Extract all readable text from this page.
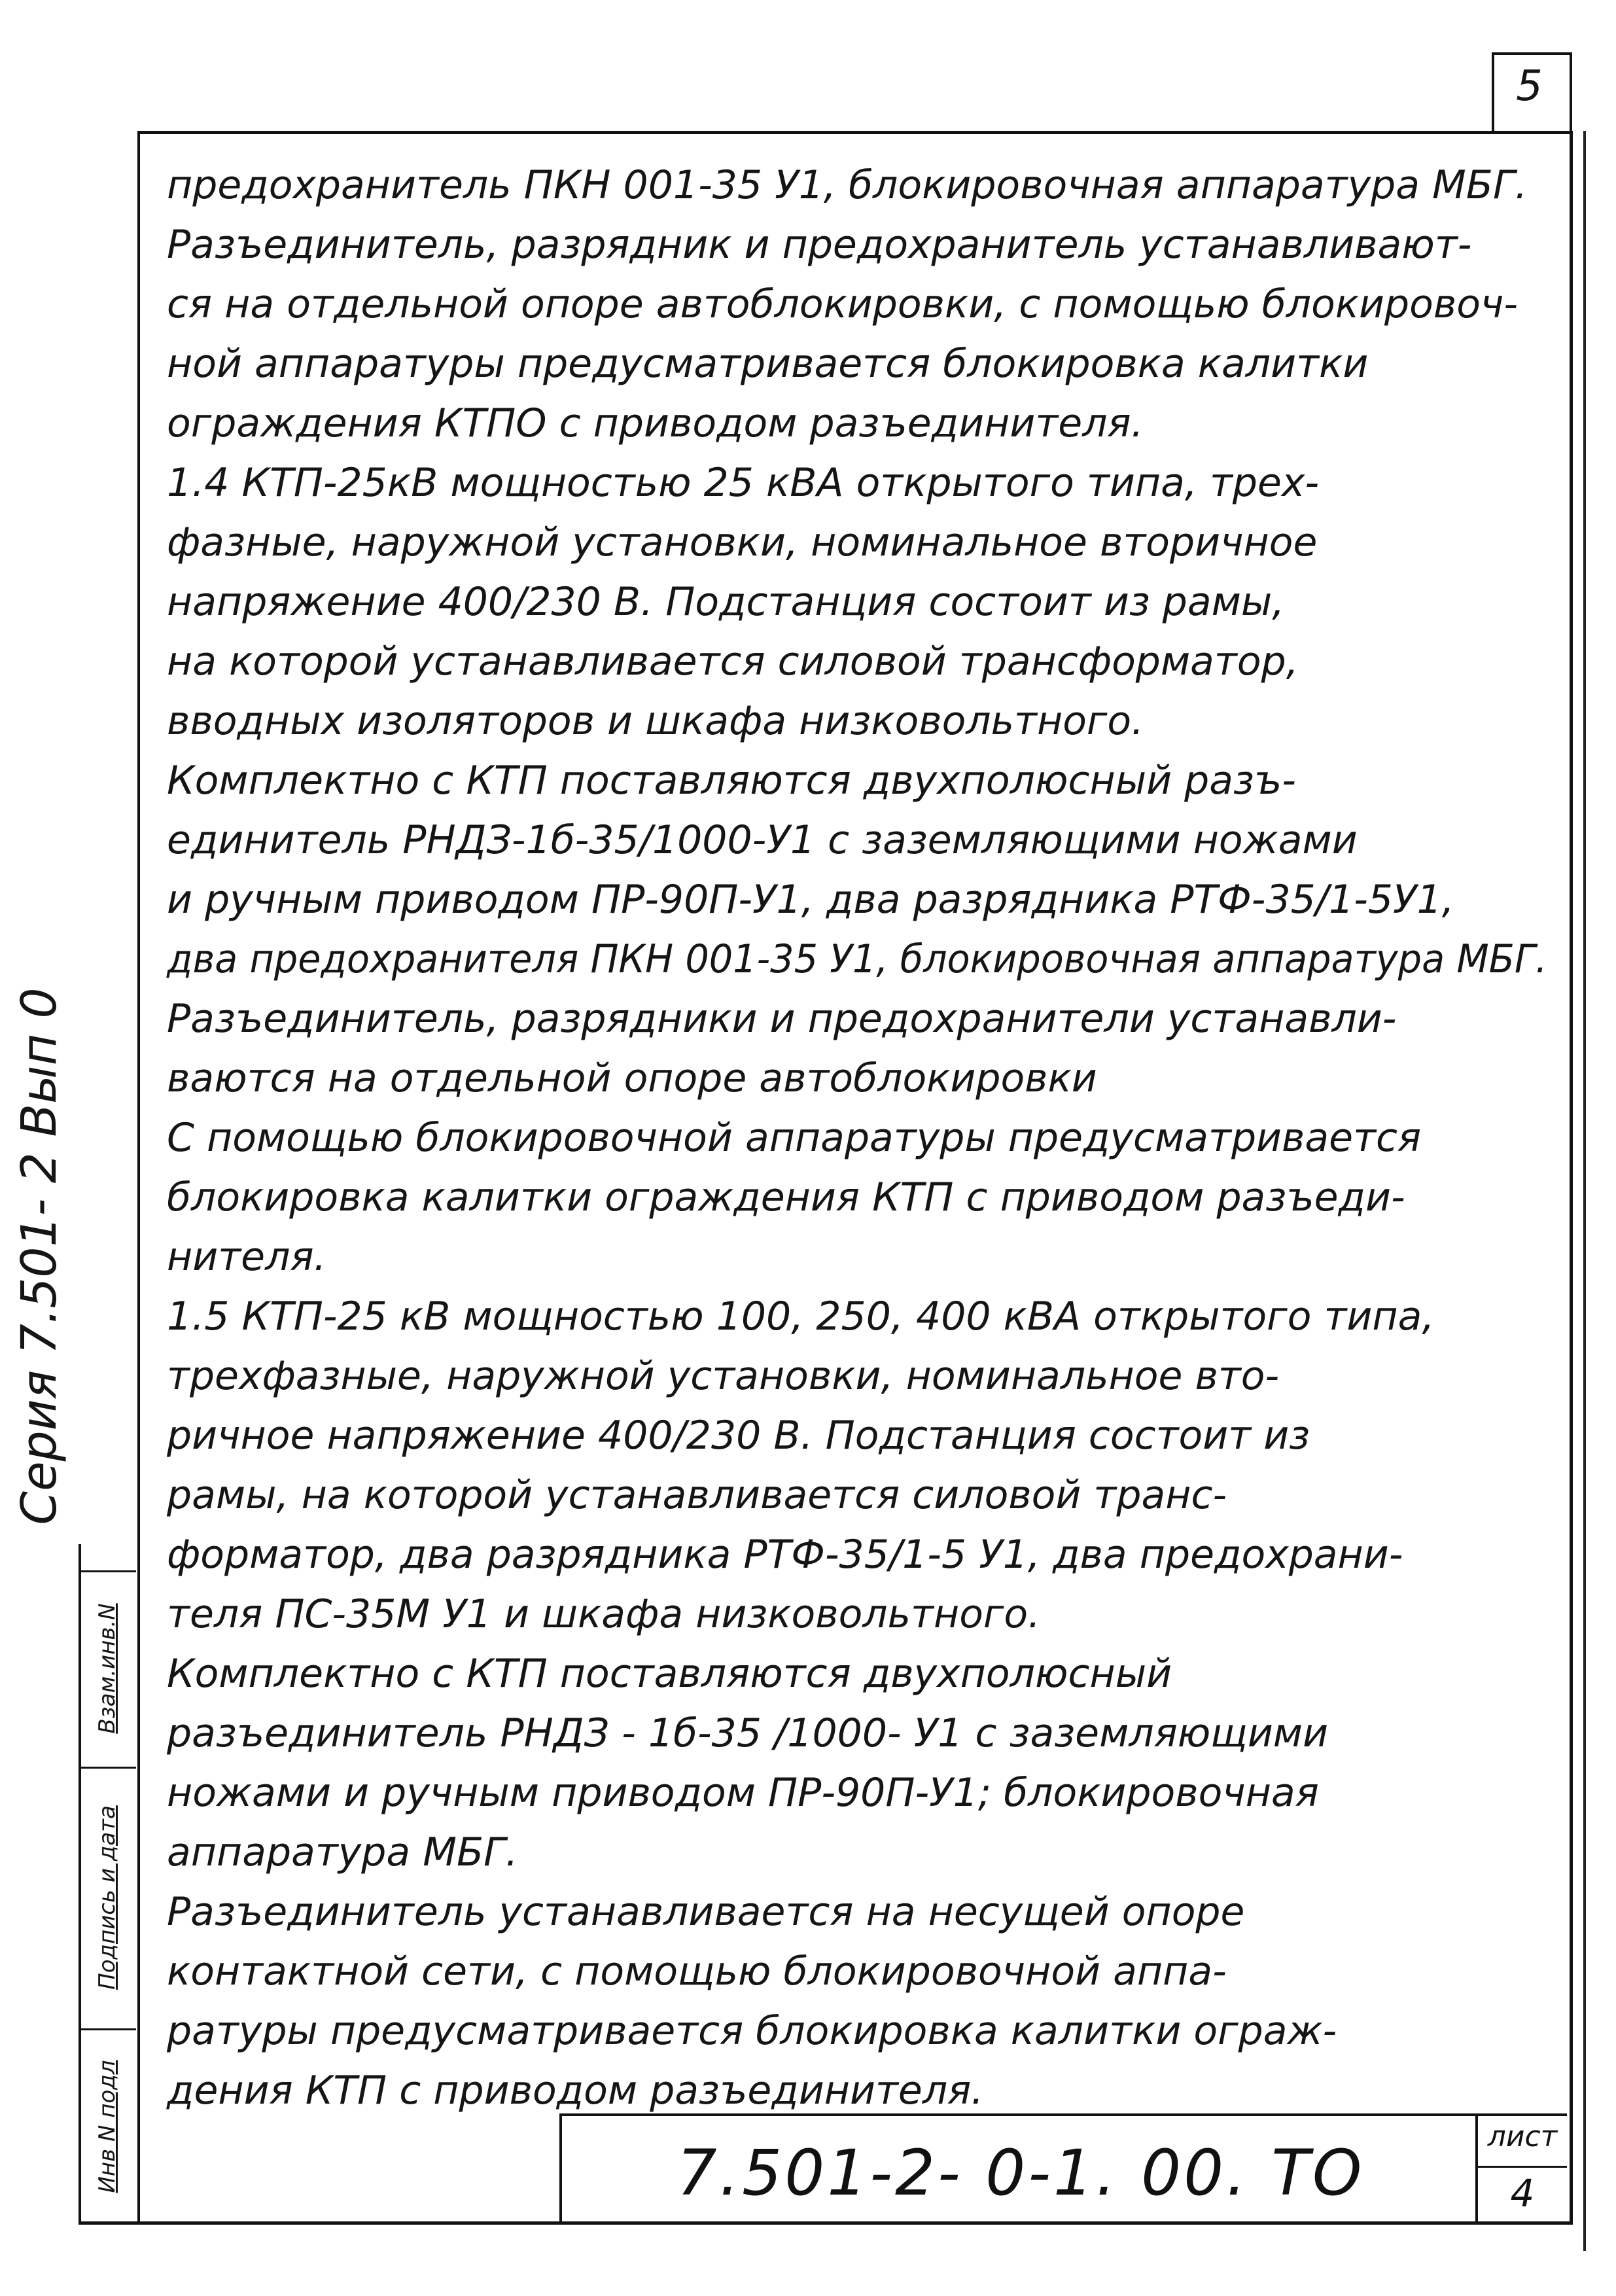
5
Серия 7.501- 2 Вып 0
предохранитель ПКН 001-35 У1, блокировочная аппаратура МБГ.
Разъединитель, разрядник и предохранитель устанавливают-
ся на отдельной опоре автоблокировки, с помощью блокировоч-
ной аппаратуры предусматривается блокировка калитки
ограждения КТПО с приводом разъединителя.
1.4 КТП-25кВ мощностью 25 кВА открытого типа, трех-
фазные, наружной установки, номинальное вторичное
напряжение 400/230 В. Подстанция состоит из рамы,
на которой устанавливается силовой трансформатор,
вводных изоляторов и шкафа низковольтного.
Комплектно с КТП поставляются двухполюсный разъ-
единитель РНДЗ-1б-35/1000-У1 с заземляющими ножами
и ручным приводом ПР-90П-У1, два разрядника РТФ-35/1-5У1,
два предохранителя ПКН 001-35 У1, блокировочная аппаратура МБГ.
Разъединитель, разрядники и предохранители устанавли-
ваются на отдельной опоре автоблокировки
С помощью блокировочной аппаратуры предусматривается
блокировка калитки ограждения КТП с приводом разъеди-
нителя.
1.5 КТП-25 кВ мощностью 100, 250, 400 кВА открытого типа,
трехфазные, наружной установки, номинальное вто-
ричное напряжение 400/230 В. Подстанция состоит из
рамы, на которой устанавливается силовой транс-
форматор, два разрядника РТФ-35/1-5 У1, два предохрани-
теля ПС-35М У1 и шкафа низковольтного.
Комплектно с КТП поставляются двухполюсный
разъединитель РНДЗ - 1б-35 /1000- У1 с заземляющими
ножами и ручным приводом ПР-90П-У1; блокировочная
аппаратура МБГ.
Разъединитель устанавливается на несущей опоре
контактной сети, с помощью блокировочной аппа-
ратуры предусматривается блокировка калитки ограж-
дения КТП с приводом разъединителя.
Взам.инв.N
Подпись и дата
Инв N подл	7.501-2- 0-1. 00. ТО	лист
4
